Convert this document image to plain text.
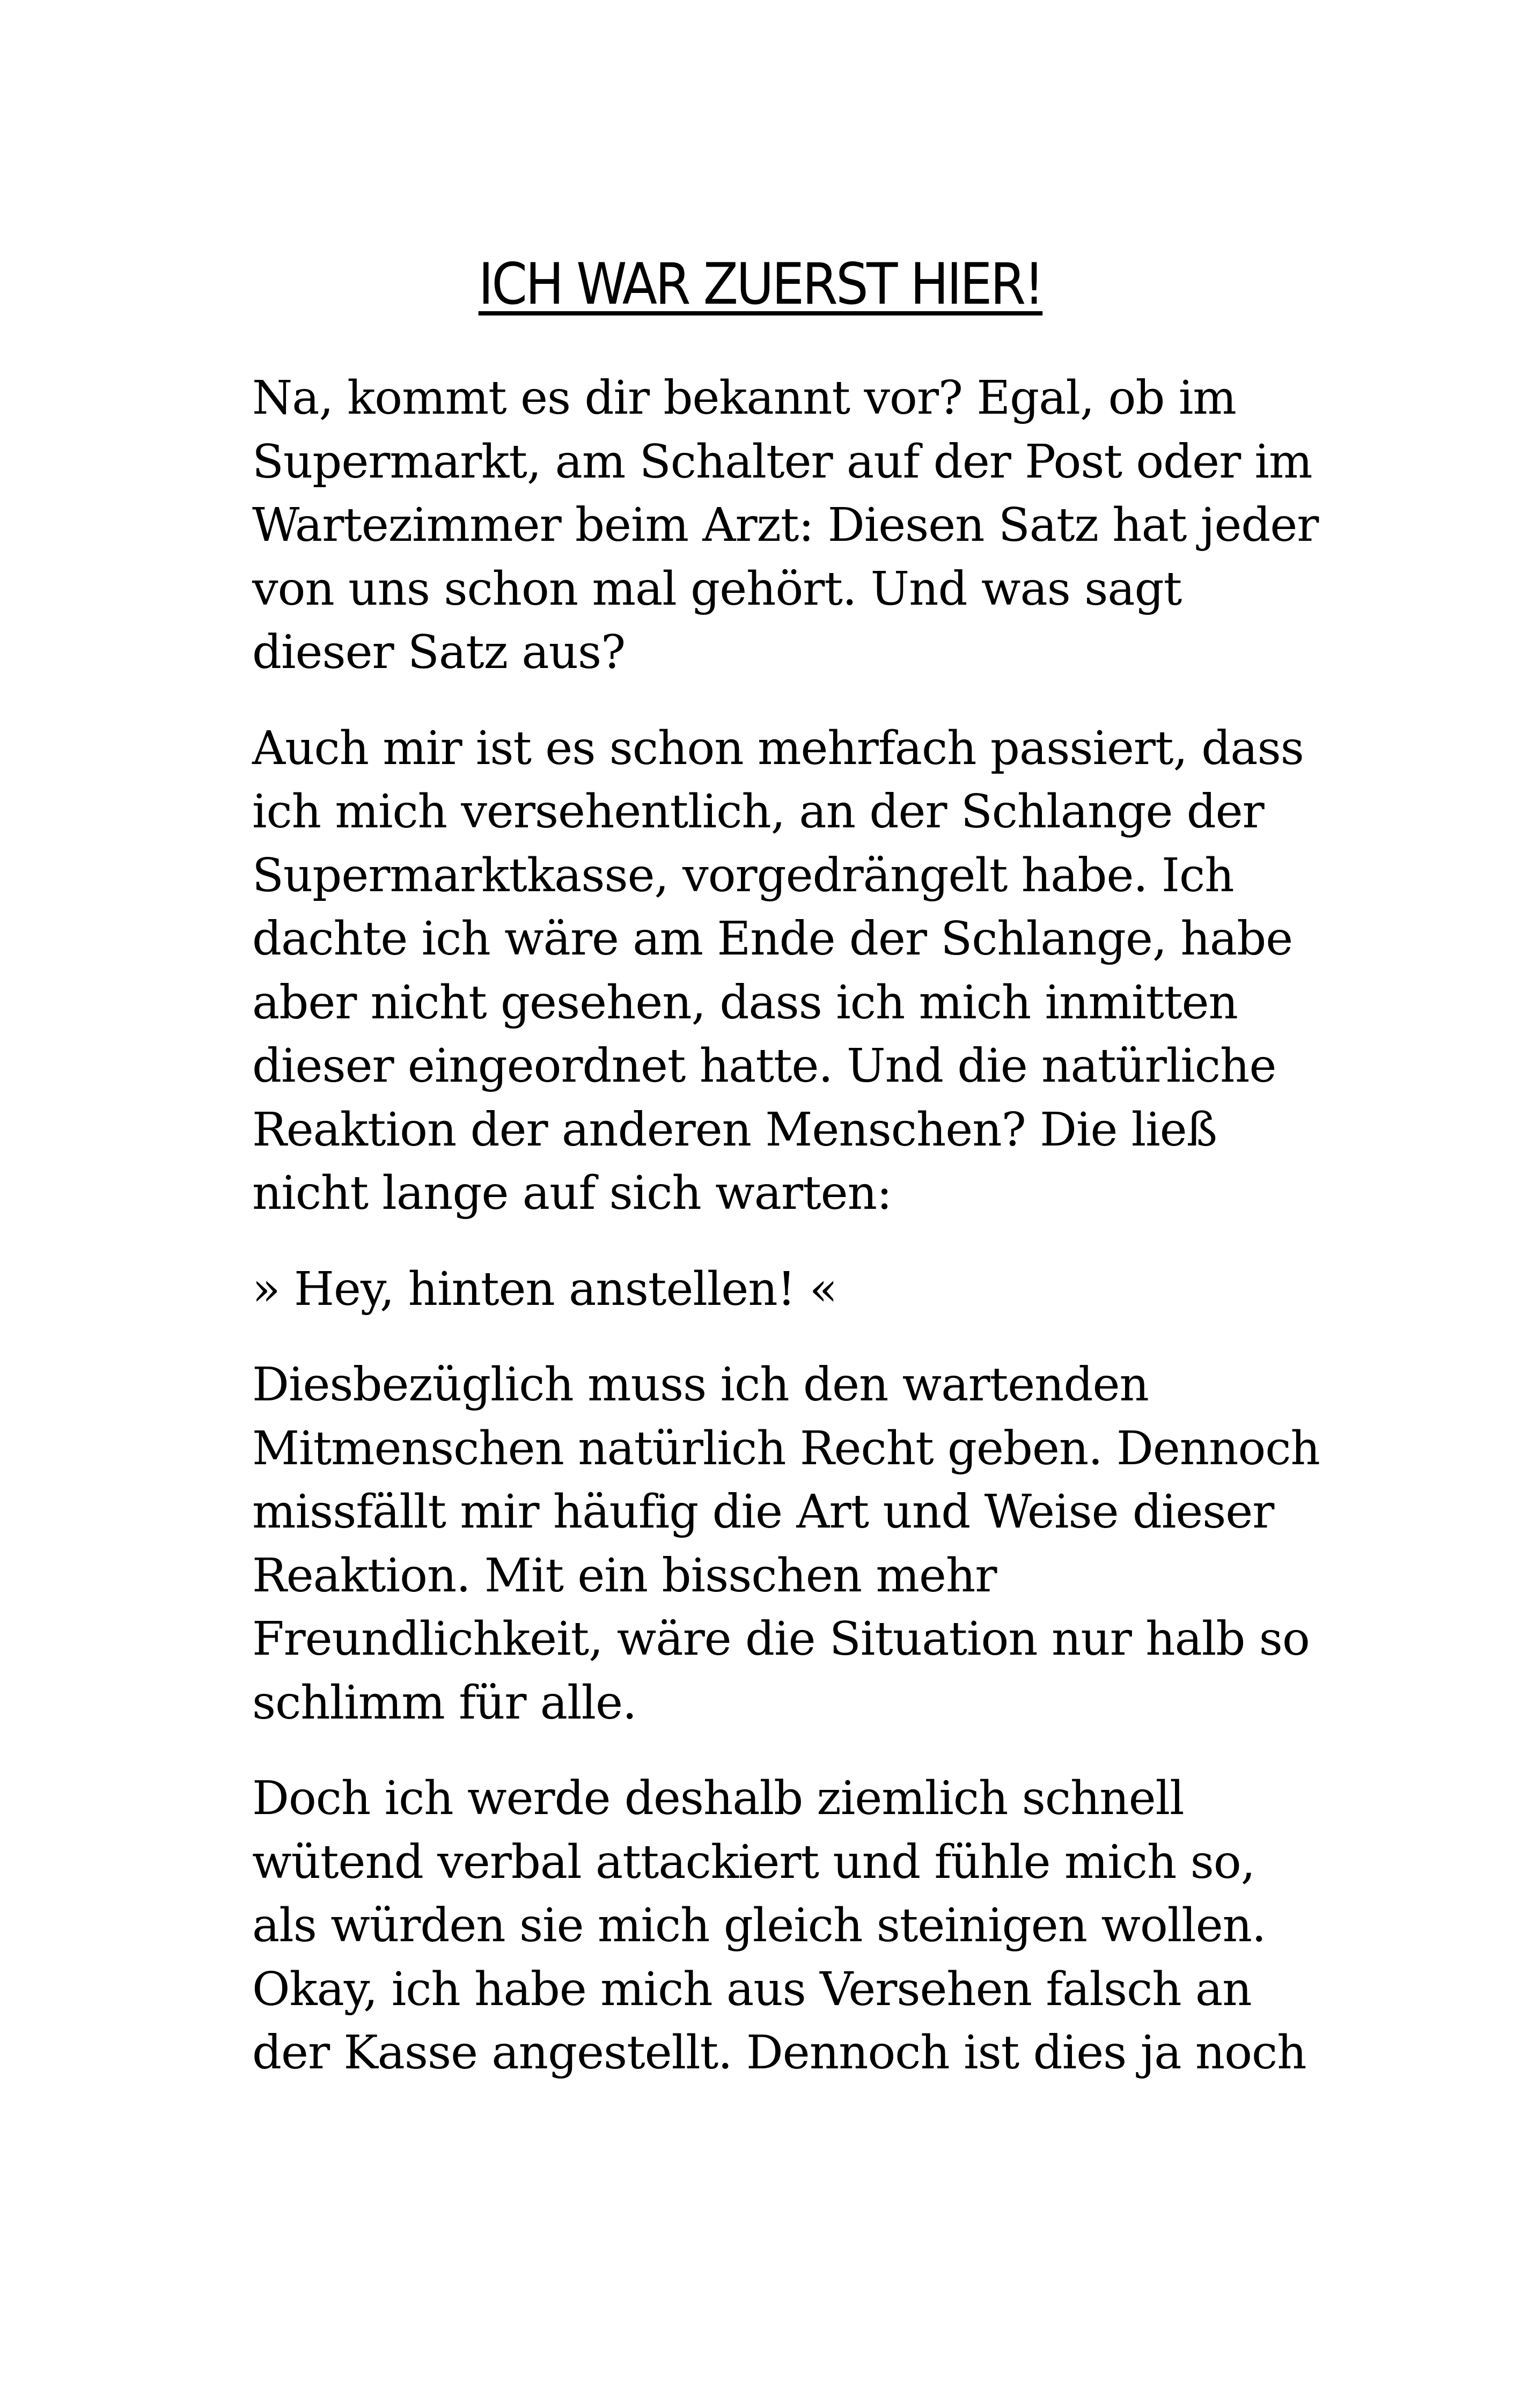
ICH WAR ZUERST HIER!

Na, kommt es dir bekannt vor? Egal, ob im
Supermarkt, am Schalter auf der Post oder im
Wartezimmer beim Arzt: Diesen Satz hat jeder
von uns schon mal gehört. Und was sagt
dieser Satz aus?

Auch mir ist es schon mehrfach passiert, dass
ich mich versehentlich, an der Schlange der
Supermarktkasse, vorgedrängelt habe. Ich
dachte ich wäre am Ende der Schlange, habe
aber nicht gesehen, dass ich mich inmitten
dieser eingeordnet hatte. Und die natürliche
Reaktion der anderen Menschen? Die ließ
nicht lange auf sich warten:

» Hey, hinten anstellen! «

Diesbezüglich muss ich den wartenden
Mitmenschen natürlich Recht geben. Dennoch
missfällt mir häufig die Art und Weise dieser
Reaktion. Mit ein bisschen mehr
Freundlichkeit, wäre die Situation nur halb so
schlimm für alle.

Doch ich werde deshalb ziemlich schnell
wütend verbal attackiert und fühle mich so,
als würden sie mich gleich steinigen wollen.
Okay, ich habe mich aus Versehen falsch an
der Kasse angestellt. Dennoch ist dies ja noch
